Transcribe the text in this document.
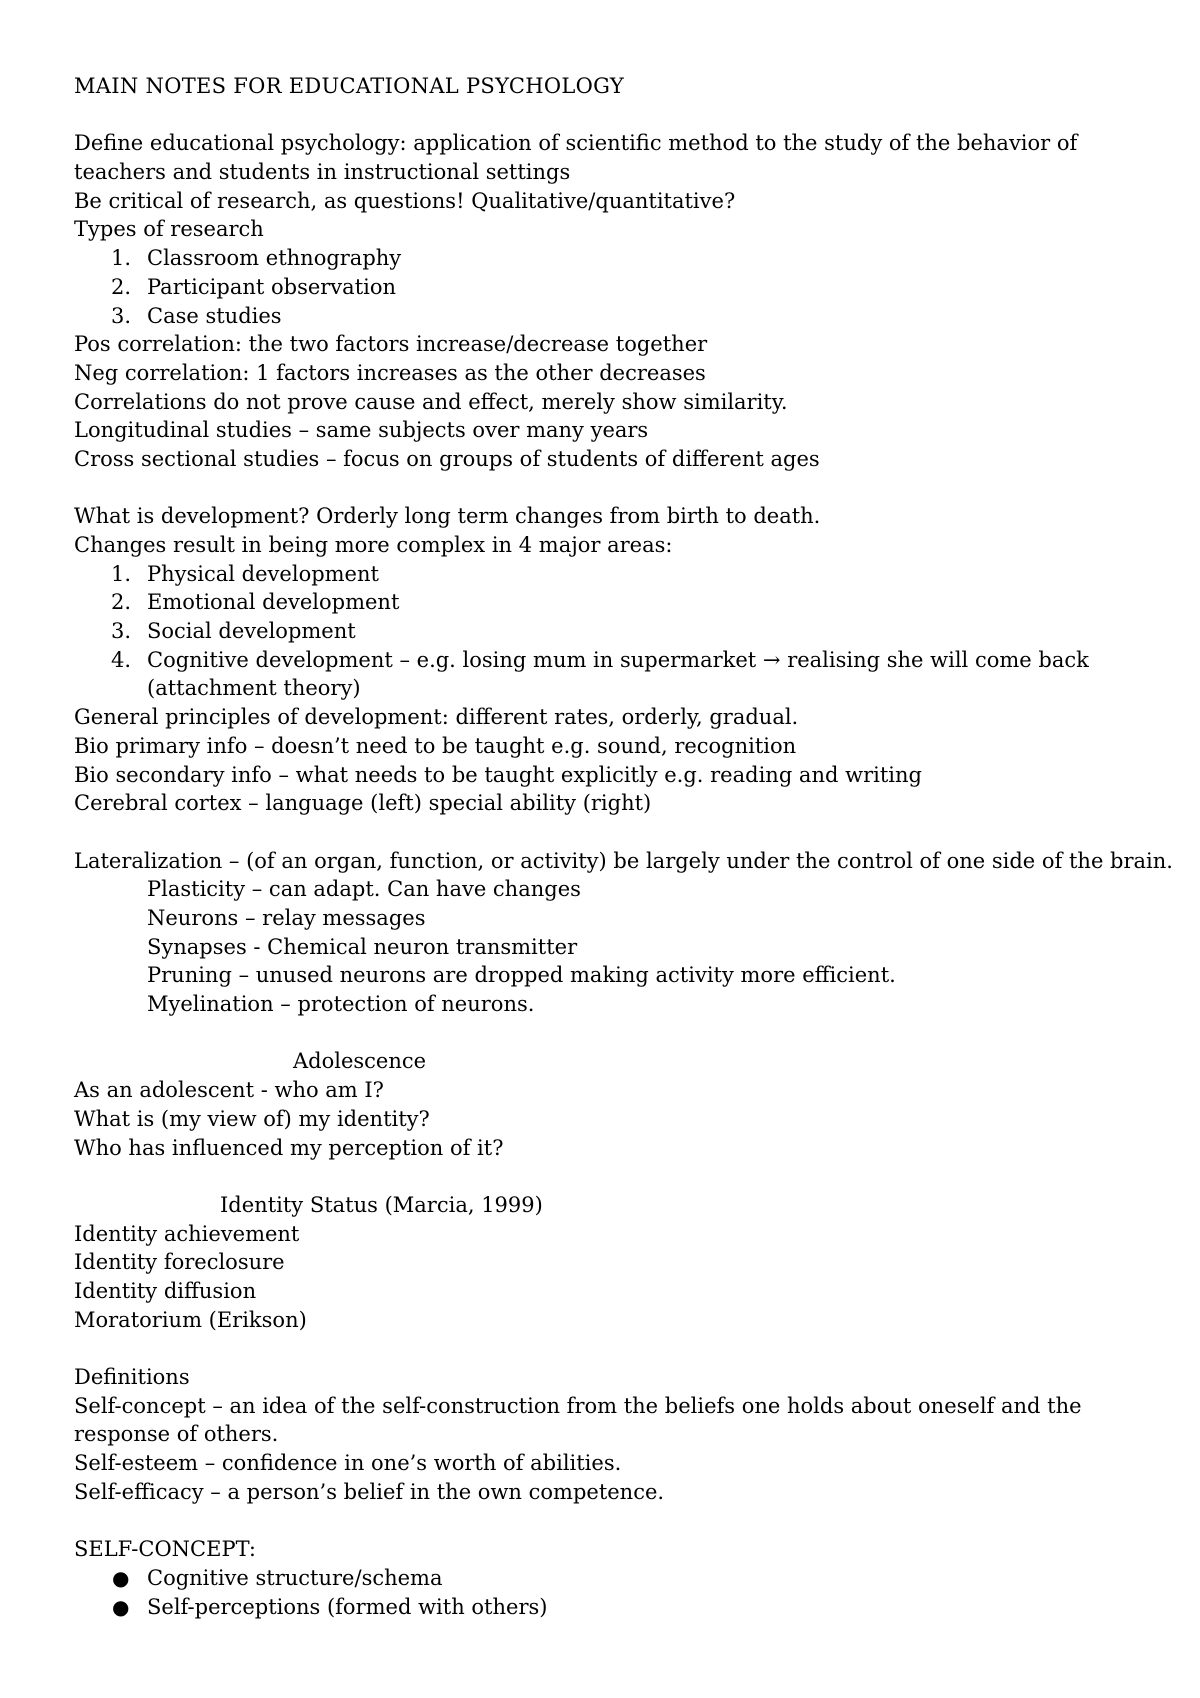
MAIN NOTES FOR EDUCATIONAL PSYCHOLOGY
Define educational psychology: application of scientific method to the study of the behavior of teachers and students in instructional settings
Be critical of research, as questions! Qualitative/quantitative?
Types of research
1. Classroom ethnography
2. Participant observation
3. Case studies
Pos correlation: the two factors increase/decrease together
Neg correlation: 1 factors increases as the other decreases
Correlations do not prove cause and effect, merely show similarity.
Longitudinal studies – same subjects over many years
Cross sectional studies – focus on groups of students of different ages
What is development? Orderly long term changes from birth to death.
Changes result in being more complex in 4 major areas:
1. Physical development
2. Emotional development
3. Social development
4. Cognitive development – e.g. losing mum in supermarket → realising she will come back (attachment theory)
General principles of development: different rates, orderly, gradual.
Bio primary info – doesn’t need to be taught e.g. sound, recognition
Bio secondary info – what needs to be taught explicitly e.g. reading and writing
Cerebral cortex – language (left) special ability (right)
Lateralization – (of an organ, function, or activity) be largely under the control of one side of the brain.
Plasticity – can adapt. Can have changes
Neurons – relay messages
Synapses - Chemical neuron transmitter
Pruning – unused neurons are dropped making activity more efficient.
Myelination – protection of neurons.
Adolescence
As an adolescent - who am I?
What is (my view of) my identity?
Who has influenced my perception of it?
Identity Status (Marcia, 1999)
Identity achievement
Identity foreclosure
Identity diffusion
Moratorium (Erikson)
Definitions
Self-concept – an idea of the self-construction from the beliefs one holds about oneself and the response of others.
Self-esteem – confidence in one’s worth of abilities.
Self-efficacy – a person’s belief in the own competence.
SELF-CONCEPT:
● Cognitive structure/schema
● Self-perceptions (formed with others)
